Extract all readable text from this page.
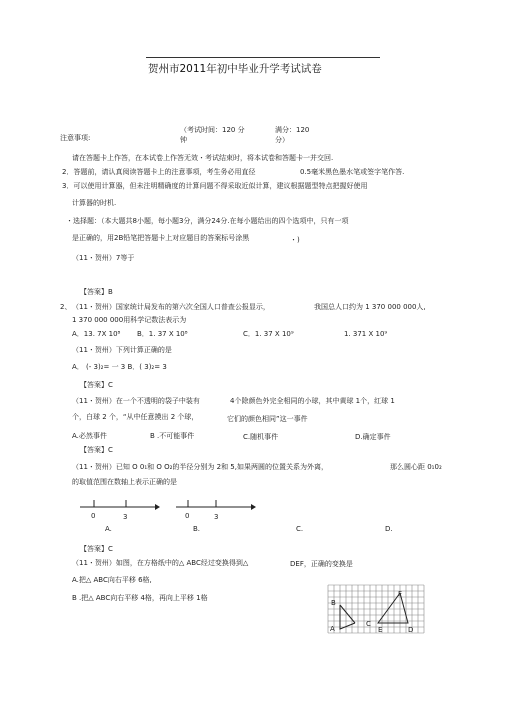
贺州市2011年初中毕业升学考试试卷
（考试时间：120 分
钟
满分：120
分）
注意事项:
请在答题卡上作答，在本试卷上作答无效・考试结束时，将本试卷和答题卡一并交回.
2．答题前，请认真阅读答题卡上的注意事项，考生务必用直径	0.5毫米黑色墨水笔或签字笔作答.
3．可以使用计算器，但未注明精确度的计算问题不得采取近似计算，建议根据题型特点把握好使用
计算器的时机.
・选择题：（本大题共8小题，每小题3分，满分24分.在每小题给出的四个选项中，只有一项
是正确的，用2B铅笔把答题卡上对应题目的答案标号涂黑	・)
（11・贺州）7等于
【答案】B
2、 （11・贺州）国家统计局发布的第六次全国人口普查公报显示，	我国总人口约为 1 370 000 000人,
1 370 000 000用科学记数法表示为
A．13. 7X 10⁸ B．1. 37 X 10⁸	C．1. 37 X 10⁹	1. 371 X 10⁹
（11・贺州）下列计算正确的是
A． (- 3)₂= 一 3 B．( 3)₂= 3
【答案】C
（11・贺州）在一个不透明的袋子中装有	4个除颜色外完全相同的小球，其中黄球 1个，红球 1
个，白球 2 个，“从中任意摸出 2 个球，	它们的颜色相同”这一事件
A.必然事件	B .不可能事件	C.随机事件	D.确定事件
【答案】C
（11・贺州）已知 O 0₁和 O O₂的半径分别为 2和 5,如果两圆的位置关系为外离，	那么圆心距 0₁0₂
的取值范围在数轴上表示正确的是
0	3	0	3
A.	B.	C.	D.
【答案】C
（11・贺州）如图，在方格纸中的△ ABC经过变换得到△	DEF，正确的变换是
A.把△ ABC向右平移 6格,
B .把△ ABC向右平移 4格，再向上平移 1格
B
A
C
F
E	D
